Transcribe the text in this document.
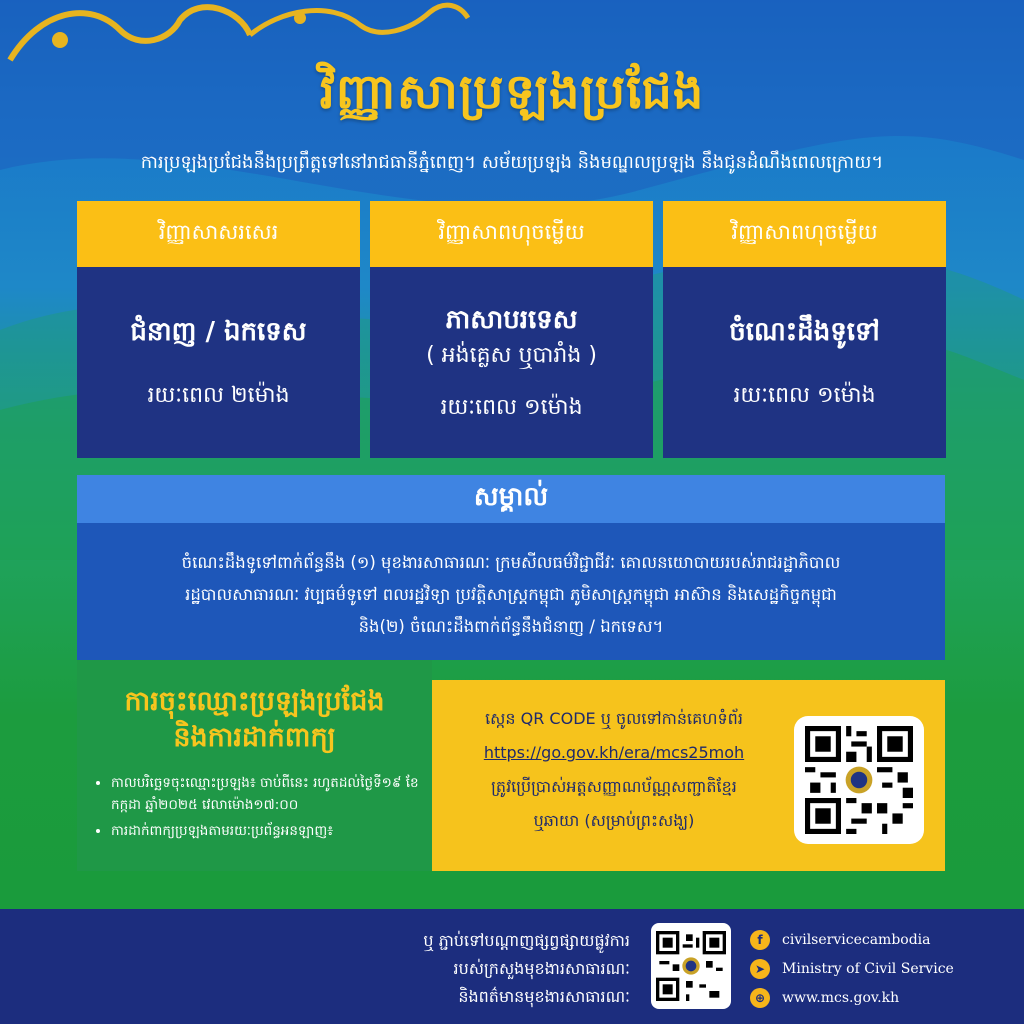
វិញ្ញាសាប្រឡងប្រជែង
ការប្រឡងប្រជែងនឹងប្រព្រឹត្តទៅនៅរាជធានីភ្នំពេញ។ សម័យប្រឡង និងមណ្ឌលប្រឡង នឹងជូនដំណឹងពេលក្រោយ។
វិញ្ញាសាសរសេរ
ជំនាញ / ឯកទេស
រយៈពេល ២ម៉ោង
វិញ្ញាសាពហុចម្លើយ
ភាសាបរទេស
( អង់គ្លេស ឬបារាំង )
រយៈពេល ១ម៉ោង
វិញ្ញាសាពហុចម្លើយ
ចំណេះដឹងទូទៅ
រយៈពេល ១ម៉ោង
សម្គាល់
ចំណេះដឹងទូទៅពាក់ព័ន្ធនឹង (១) មុខងារសាធារណៈ ក្រមសីលធម៌វិជ្ជាជីវៈ គោលនយោបាយរបស់រាជរដ្ឋាភិបាល
រដ្ឋបាលសាធារណៈ វប្បធម៌ទូទៅ ពលរដ្ឋវិទ្យា ប្រវត្តិសាស្ត្រកម្ពុជា ភូមិសាស្ត្រកម្ពុជា អាស៊ាន និងសេដ្ឋកិច្ចកម្ពុជា
និង(២) ចំណេះដឹងពាក់ព័ន្ធនឹងជំនាញ / ឯកទេស។
ការចុះឈ្មោះប្រឡងប្រជែង
និងការដាក់ពាក្យ
• កាលបរិច្ឆេទចុះឈ្មោះប្រឡង៖ ចាប់ពីនេះ រហូតដល់ថ្ងៃទី១៩ ខែកក្កដា ឆ្នាំ២០២៥ វេលាម៉ោង១៧:០០
• ការដាក់ពាក្យប្រឡងតាមរយៈប្រព័ន្ធអនឡាញ៖
ស្កេន QR CODE ឬ ចូលទៅកាន់គេហទំព័រ
https://go.gov.kh/era/mcs25moh
ត្រូវប្រើប្រាស់អត្តសញ្ញាណប័ណ្ណសញ្ជាតិខ្មែរ
ឬឆាយា (សម្រាប់ព្រះសង្ឃ)
ឬ ភ្ជាប់ទៅបណ្តាញផ្សព្វផ្សាយផ្លូវការ
របស់ក្រសួងមុខងារសាធារណៈ
និងពត៌មានមុខងារសាធារណៈ
f	civilservicecambodia
➤	Ministry of Civil Service
⊕	www.mcs.gov.kh
